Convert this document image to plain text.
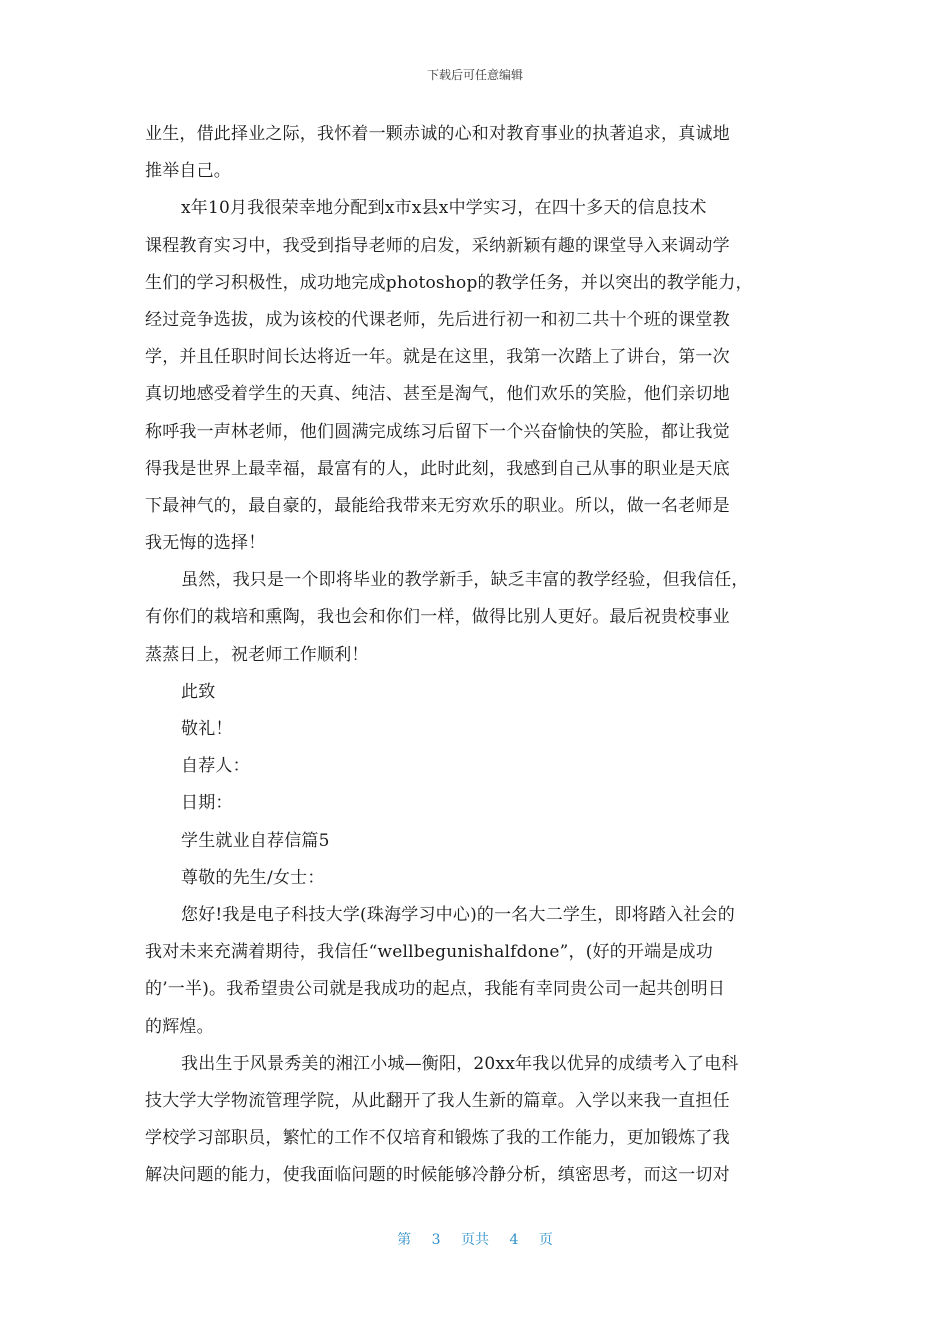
下载后可任意编辑
业生，借此择业之际，我怀着一颗赤诚的心和对教育事业的执著追求，真诚地
推举自己。
x年10月我很荣幸地分配到x市x县x中学实习，在四十多天的信息技术
课程教育实习中，我受到指导老师的启发，采纳新颖有趣的课堂导入来调动学
生们的学习积极性，成功地完成photoshop的教学任务，并以突出的教学能力，
经过竞争选拔，成为该校的代课老师，先后进行初一和初二共十个班的课堂教
学，并且任职时间长达将近一年。就是在这里，我第一次踏上了讲台，第一次
真切地感受着学生的天真、纯洁、甚至是淘气，他们欢乐的笑脸，他们亲切地
称呼我一声林老师，他们圆满完成练习后留下一个兴奋愉快的笑脸，都让我觉
得我是世界上最幸福，最富有的人，此时此刻，我感到自己从事的职业是天底
下最神气的，最自豪的，最能给我带来无穷欢乐的职业。所以，做一名老师是
我无悔的选择！
虽然，我只是一个即将毕业的教学新手，缺乏丰富的教学经验，但我信任，
有你们的栽培和熏陶，我也会和你们一样，做得比别人更好。最后祝贵校事业
蒸蒸日上，祝老师工作顺利！
此致
敬礼！
自荐人：
日期：
学生就业自荐信篇5
尊敬的先生/女士：
您好!我是电子科技大学(珠海学习中心)的一名大二学生，即将踏入社会的
我对未来充满着期待，我信任“wellbegunishalfdone”，(好的开端是成功
的’一半)。我希望贵公司就是我成功的起点，我能有幸同贵公司一起共创明日
的辉煌。
我出生于风景秀美的湘江小城—衡阳，20xx年我以优异的成绩考入了电科
技大学大学物流管理学院，从此翻开了我人生新的篇章。入学以来我一直担任
学校学习部职员，繁忙的工作不仅培育和锻炼了我的工作能力，更加锻炼了我
解决问题的能力，使我面临问题的时候能够冷静分析，缜密思考，而这一切对
第 3 页共 4 页
